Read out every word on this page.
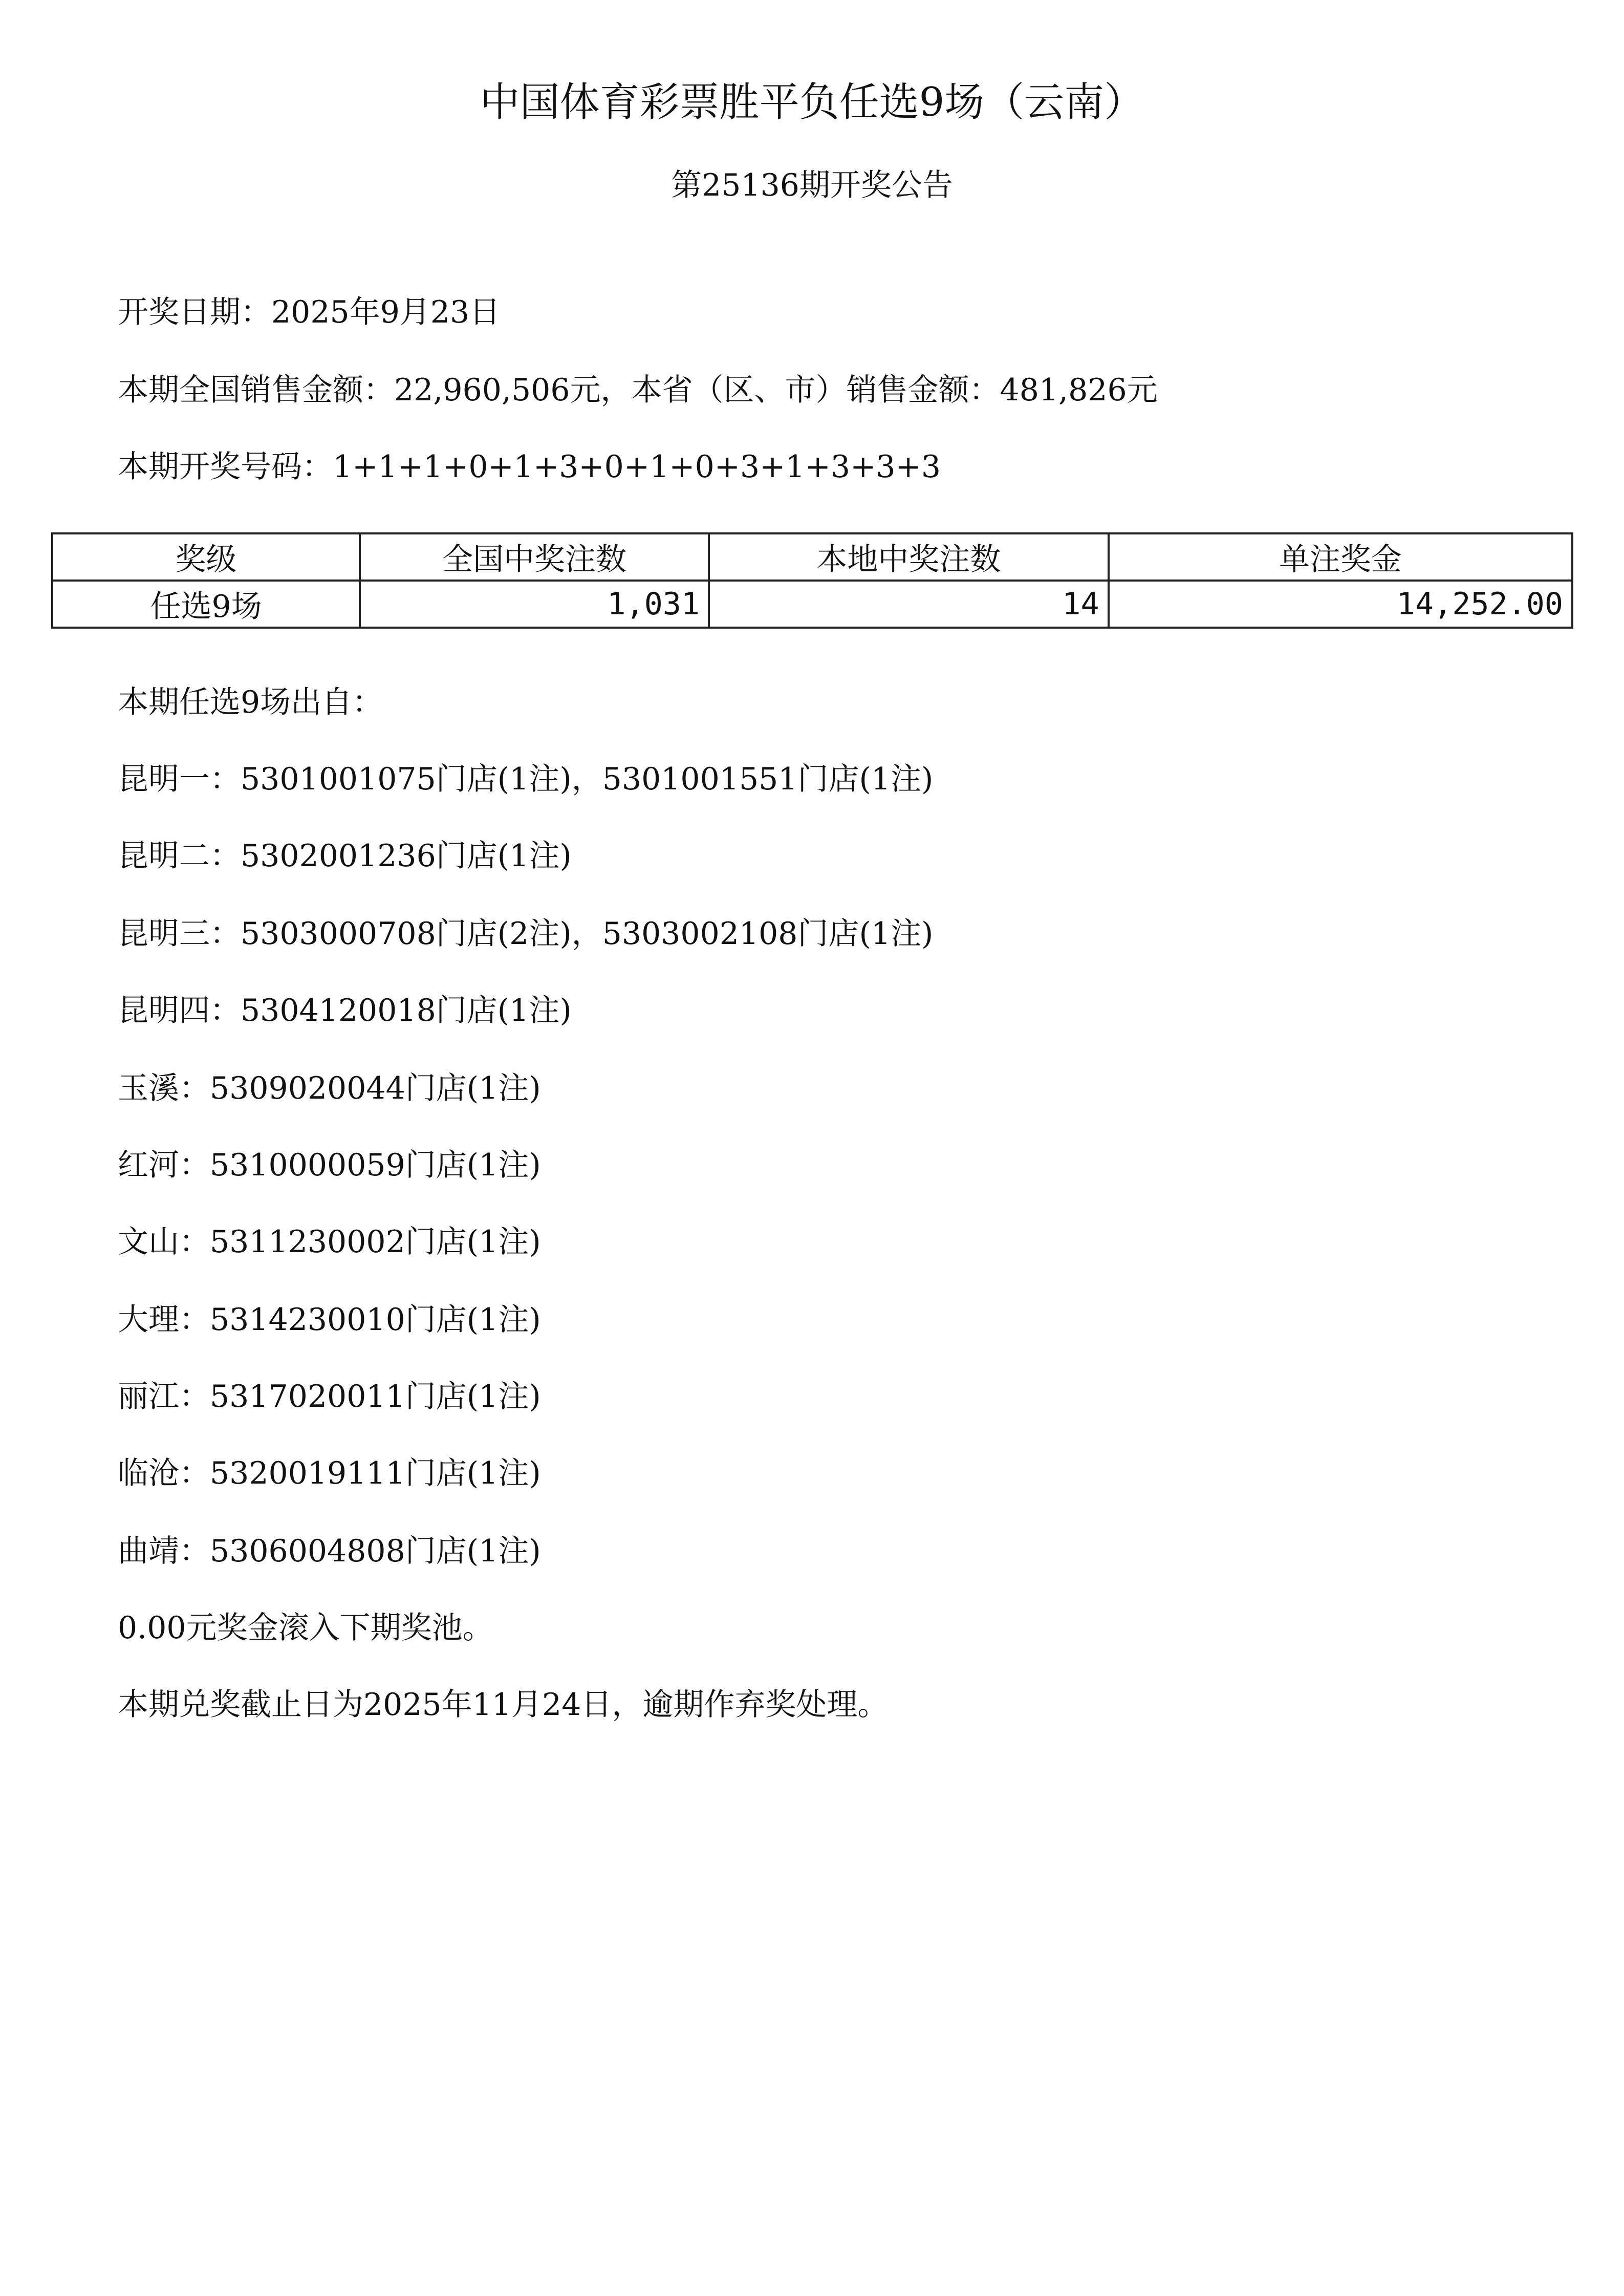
中国体育彩票胜平负任选9场（云南）
第25136期开奖公告
开奖日期：2025年9月23日
本期全国销售金额：22,960,506元，本省（区、市）销售金额：481,826元
本期开奖号码：1+1+1+0+1+3+0+1+0+3+1+3+3+3
奖级	全国中奖注数	本地中奖注数	单注奖金
任选9场	1,031	14	14,252.00
本期任选9场出自：
昆明一：5301001075门店(1注)，5301001551门店(1注)
昆明二：5302001236门店(1注)
昆明三：5303000708门店(2注)，5303002108门店(1注)
昆明四：5304120018门店(1注)
玉溪：5309020044门店(1注)
红河：5310000059门店(1注)
文山：5311230002门店(1注)
大理：5314230010门店(1注)
丽江：5317020011门店(1注)
临沧：5320019111门店(1注)
曲靖：5306004808门店(1注)
0.00元奖金滚入下期奖池。
本期兑奖截止日为2025年11月24日，逾期作弃奖处理。
